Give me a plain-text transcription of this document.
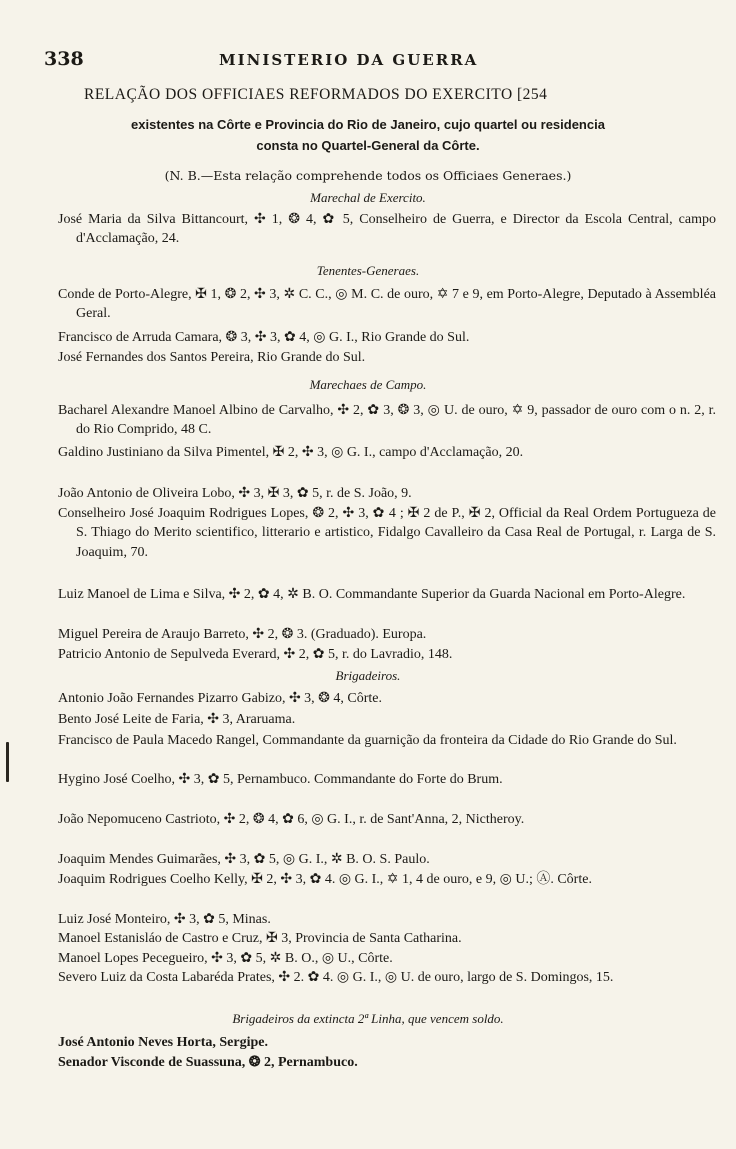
338	MINISTERIO DA GUERRA
RELAÇÃO DOS OFFICIAES REFORMADOS DO EXERCITO [254
existentes na Côrte e Provincia do Rio de Janeiro, cujo quartel ou residencia
consta no Quartel-General da Côrte.
(N. B.—Esta relação comprehende todos os Officiaes Generaes.)
Marechal de Exercito.
José Maria da Silva Bittancourt, ✣ 1, ❂ 4, ✿ 5, Conselheiro de Guerra, e Director da Escola Central, campo d'Acclamação, 24.
Tenentes-Generaes.
Conde de Porto-Alegre, ✠ 1, ❂ 2, ✣ 3, ✲ C. C., ◎ M. C. de ouro, ✡ 7 e 9, em Porto-Alegre, Deputado à Assembléa Geral.
Francisco de Arruda Camara, ❂ 3, ✣ 3, ✿ 4, ◎ G. I., Rio Grande do Sul.
José Fernandes dos Santos Pereira, Rio Grande do Sul.
Marechaes de Campo.
Bacharel Alexandre Manoel Albino de Carvalho, ✣ 2, ✿ 3, ❂ 3, ◎ U. de ouro, ✡ 9, passador de ouro com o n. 2, r. do Rio Comprido, 48 C.
Galdino Justiniano da Silva Pimentel, ✠ 2, ✣ 3, ◎ G. I., campo d'Acclamação, 20.
João Antonio de Oliveira Lobo, ✣ 3, ✠ 3, ✿ 5, r. de S. João, 9.
Conselheiro José Joaquim Rodrigues Lopes, ❂ 2, ✣ 3, ✿ 4 ; ✠ 2 de P., ✠ 2, Official da Real Ordem Portugueza de S. Thiago do Merito scientifico, litterario e artistico, Fidalgo Cavalleiro da Casa Real de Portugal, r. Larga de S. Joaquim, 70.
Luiz Manoel de Lima e Silva, ✣ 2, ✿ 4, ✲ B. O. Commandante Superior da Guarda Nacional em Porto-Alegre.
Miguel Pereira de Araujo Barreto, ✣ 2, ❂ 3. (Graduado). Europa.
Patricio Antonio de Sepulveda Everard, ✣ 2, ✿ 5, r. do Lavradio, 148.
Brigadeiros.
Antonio João Fernandes Pizarro Gabizo, ✣ 3, ❂ 4, Côrte.
Bento José Leite de Faria, ✣ 3, Araruama.
Francisco de Paula Macedo Rangel, Commandante da guarnição da fronteira da Cidade do Rio Grande do Sul.
Hygino José Coelho, ✣ 3, ✿ 5, Pernambuco. Commandante do Forte do Brum.
João Nepomuceno Castrioto, ✣ 2, ❂ 4, ✿ 6, ◎ G. I., r. de Sant'Anna, 2, Nictheroy.
Joaquim Mendes Guimarães, ✣ 3, ✿ 5, ◎ G. I., ✲ B. O. S. Paulo.
Joaquim Rodrigues Coelho Kelly, ✠ 2, ✣ 3, ✿ 4. ◎ G. I., ✡ 1, 4 de ouro, e 9, ◎ U.; Ⓐ. Côrte.
Luiz José Monteiro, ✣ 3, ✿ 5, Minas.
Manoel Estanisláo de Castro e Cruz, ✠ 3, Provincia de Santa Catharina.
Manoel Lopes Pecegueiro, ✣ 3, ✿ 5, ✲ B. O., ◎ U., Côrte.
Severo Luiz da Costa Labaréda Prates, ✣ 2. ✿ 4. ◎ G. I., ◎ U. de ouro, largo de S. Domingos, 15.
Brigadeiros da extincta 2ª Linha, que vencem soldo.
José Antonio Neves Horta, Sergipe.
Senador Visconde de Suassuna, ❂ 2, Pernambuco.
